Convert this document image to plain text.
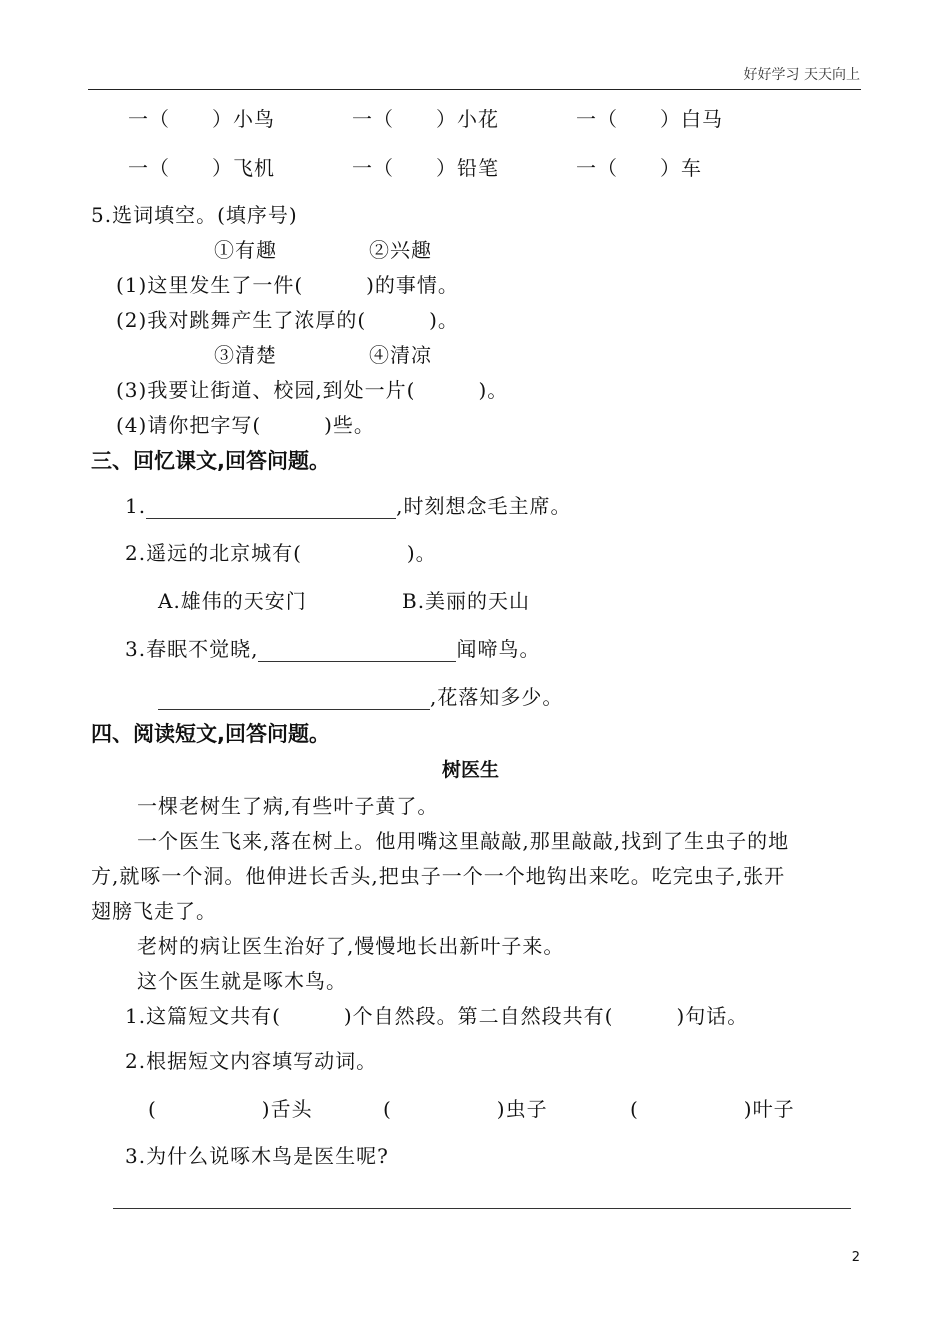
好好学习 天天向上
一（　　）小鸟	一（　　）小花	一（　　）白马
一（　　）飞机	一（　　）铅笔	一（　　）车
5.选词填空。(填序号)
①有趣	②兴趣
(1)这里发生了一件(　　　)的事情。
(2)我对跳舞产生了浓厚的(　　　)。
③清楚	④清凉
(3)我要让街道、校园,到处一片(　　　)。
(4)请你把字写(　　　)些。
三、回忆课文,回答问题。
1.	,时刻想念毛主席。
2.遥远的北京城有(　　　　　)。
A.雄伟的天安门	B.美丽的天山
3.春眠不觉晓,	闻啼鸟。
,花落知多少。
四、阅读短文,回答问题。
树医生
一棵老树生了病,有些叶子黄了。
一个医生飞来,落在树上。他用嘴这里敲敲,那里敲敲,找到了生虫子的地
方,就啄一个洞。他伸进长舌头,把虫子一个一个地钩出来吃。吃完虫子,张开
翅膀飞走了。
老树的病让医生治好了,慢慢地长出新叶子来。
这个医生就是啄木鸟。
1.这篇短文共有(　　　)个自然段。第二自然段共有(　　　)句话。
2.根据短文内容填写动词。
(　　　　　)舌头	(　　　　　)虫子	(　　　　　)叶子
3.为什么说啄木鸟是医生呢?
2
